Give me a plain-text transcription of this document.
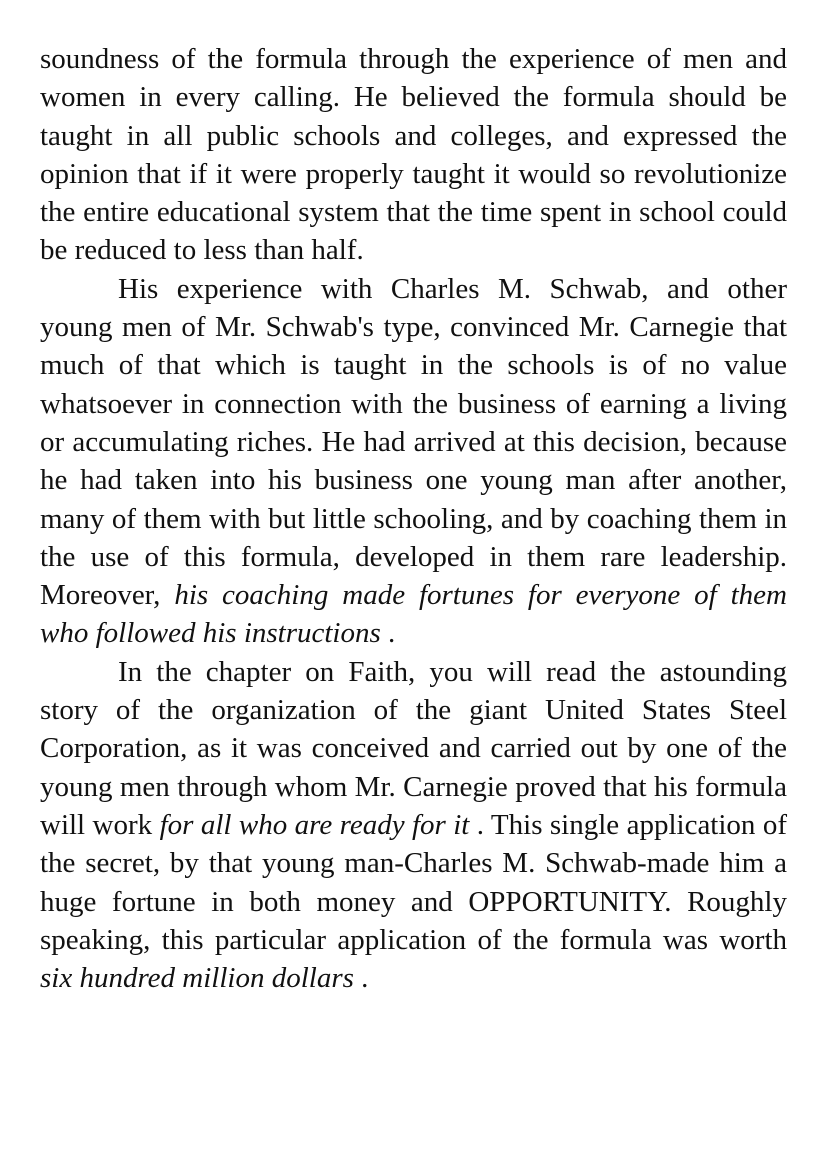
soundness of the formula through the experience of men and women in every calling. He believed the formula should be taught in all public schools and colleges, and expressed the opinion that if it were properly taught it would so revolutionize the entire educational system that the time spent in school could be reduced to less than half.

His experience with Charles M. Schwab, and other young men of Mr. Schwab's type, convinced Mr. Carnegie that much of that which is taught in the schools is of no value whatsoever in connection with the business of earning a living or accumulating riches. He had arrived at this decision, because he had taken into his business one young man after another, many of them with but little schooling, and by coaching them in the use of this formula, developed in them rare leadership. Moreover, his coaching made fortunes for everyone of them who followed his instructions .

In the chapter on Faith, you will read the astounding story of the organization of the giant United States Steel Corporation, as it was conceived and carried out by one of the young men through whom Mr. Carnegie proved that his formula will work for all who are ready for it . This single application of the secret, by that young man-Charles M. Schwab-made him a huge fortune in both money and OPPORTUNITY. Roughly speaking, this particular application of the formula was worth six hundred million dollars .
